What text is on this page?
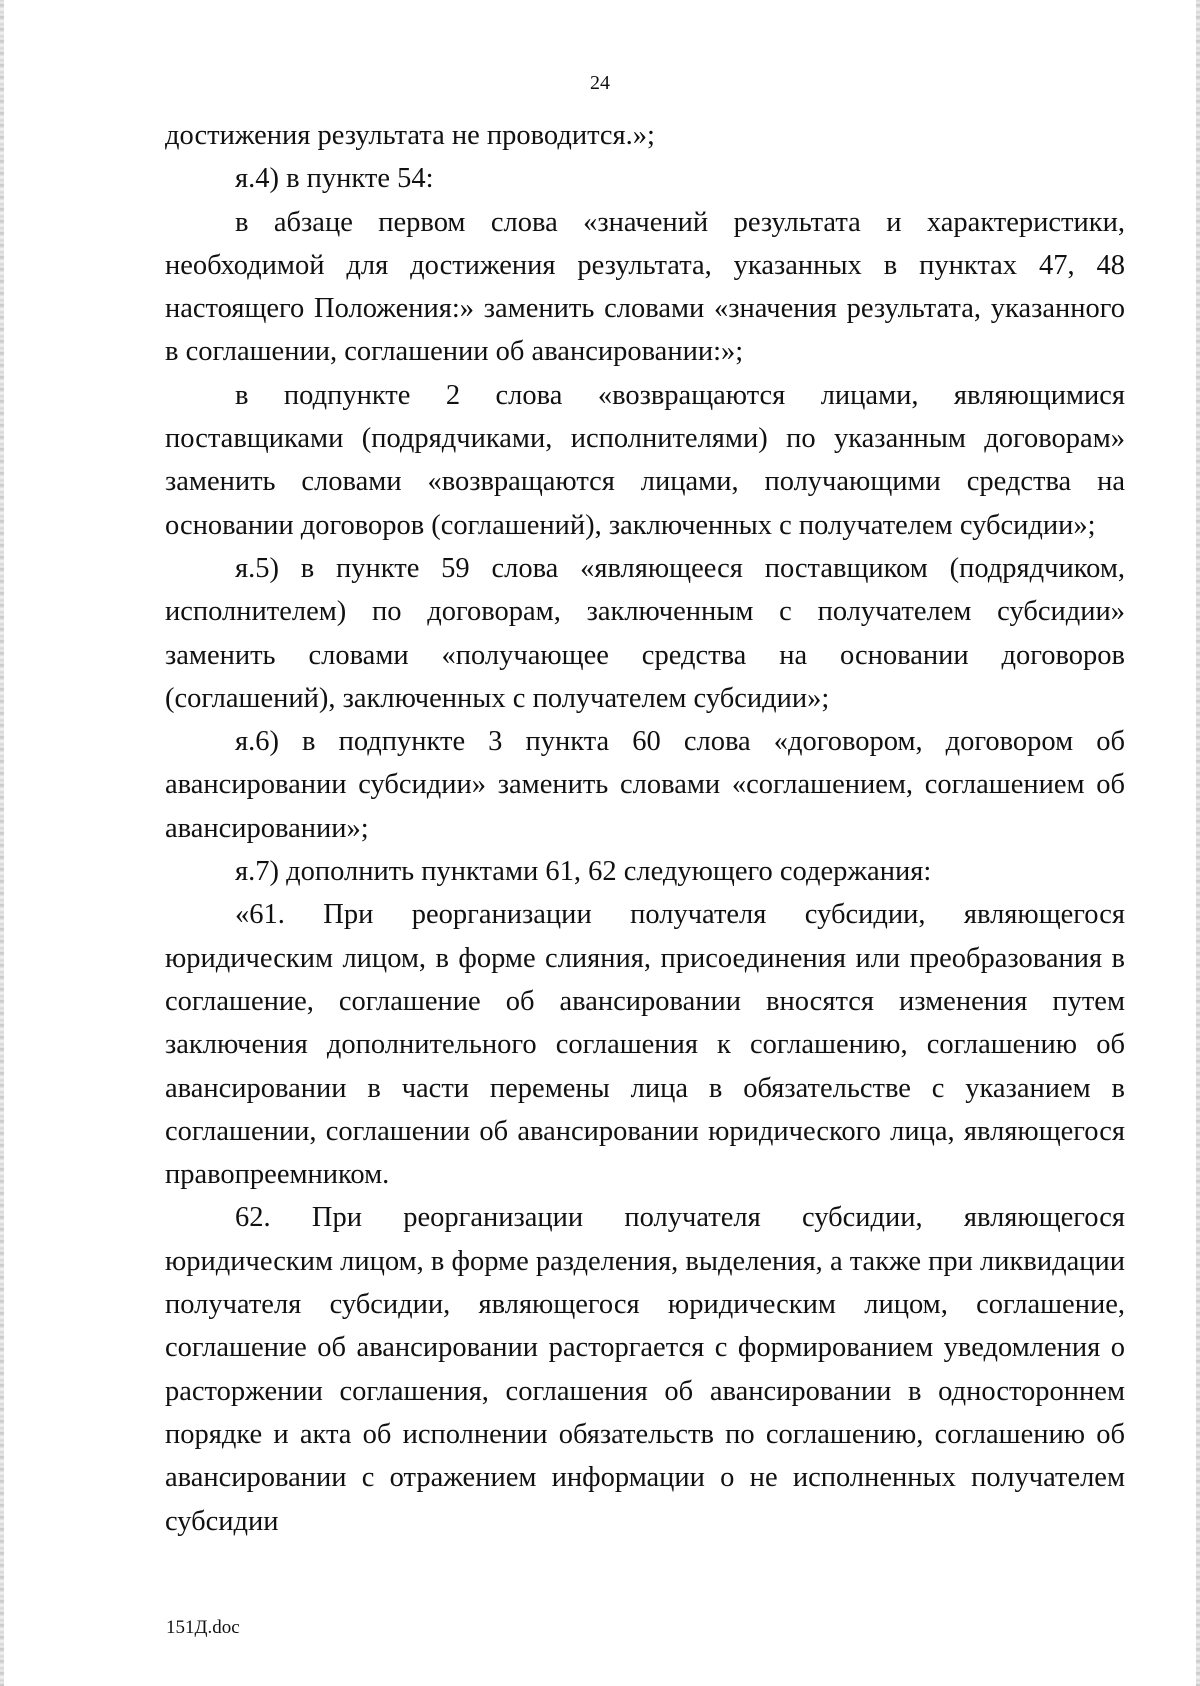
24

достижения результата не проводится.»;

я.4) в пункте 54:

в абзаце первом слова «значений результата и характеристики, необходимой для достижения результата, указанных в пунктах 47, 48 настоящего Положения:» заменить словами «значения результата, указанного в соглашении, соглашении об авансировании:»;

в подпункте 2 слова «возвращаются лицами, являющимися поставщиками (подрядчиками, исполнителями) по указанным договорам» заменить словами «возвращаются лицами, получающими средства на основании договоров (соглашений), заключенных с получателем субсидии»;

я.5) в пункте 59 слова «являющееся поставщиком (подрядчиком, исполнителем) по договорам, заключенным с получателем субсидии» заменить словами «получающее средства на основании договоров (соглашений), заключенных с получателем субсидии»;

я.6) в подпункте 3 пункта 60 слова «договором, договором об авансировании субсидии» заменить словами «соглашением, соглашением об авансировании»;

я.7) дополнить пунктами 61, 62 следующего содержания:

«61. При реорганизации получателя субсидии, являющегося юридическим лицом, в форме слияния, присоединения или преобразования в соглашение, соглашение об авансировании вносятся изменения путем заключения дополнительного соглашения к соглашению, соглашению об авансировании в части перемены лица в обязательстве с указанием в соглашении, соглашении об авансировании юридического лица, являющегося правопреемником.

62. При реорганизации получателя субсидии, являющегося юридическим лицом, в форме разделения, выделения, а также при ликвидации получателя субсидии, являющегося юридическим лицом, соглашение, соглашение об авансировании расторгается с формированием уведомления о расторжении соглашения, соглашения об авансировании в одностороннем порядке и акта об исполнении обязательств по соглашению, соглашению об авансировании с отражением информации о не исполненных получателем субсидии

151Д.doc
